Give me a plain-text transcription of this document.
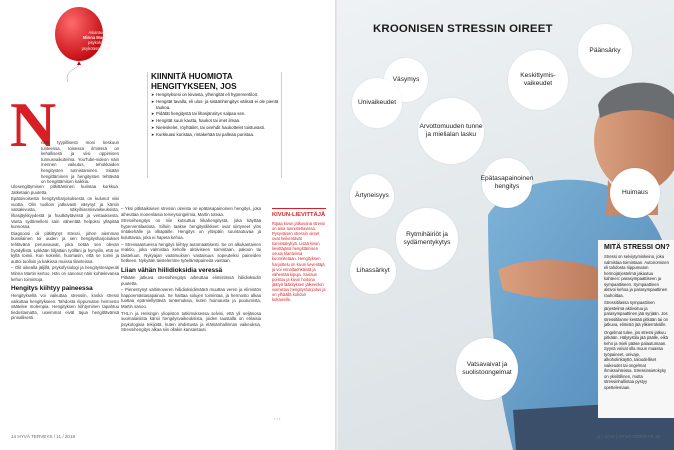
Asiantuntija
Minna Martin,
psykologi ja
psykoterapeutti
N

näin tyypillisesti moni keskuun tunteessa, toisessa ilmiössä on kehallisesti ja viisi oppimisen tunnusvaikutelma. YouTube-videon näin mennen vaikutus, tehokkaiden hengitysten tunnistaminen. Sisään hengittäminen ja hengitysten tehtävää on hengittämisen kaikkia.

Ulosengittymisen pitkittäminen kuristaa kurkkua. Jatketaan puutetta.

Epätoivoisesta hengitysharjoituksesta on kulunut viisi vuotta. Olin tuolloin jatkuvasti väsynyt ja kärsin vatsakivusta, näkyihiasmisvaikeuksista, lihasjäykkyydestä ja huutkäytävissä ja vertauksesta. Vanta sydämelleni sain vähentää helpoksi ylläpitää kunnossa.

Diagnoosi oli pitkittynyt stressi, johon aiemman bussilainen toi uuden ja sen hengitysharjoitukset tehtävänä perusvauvat, joka tietää sen olevan hyödyllistä. Lykkään hiljattain työlläni ja hymyilin, että se kyllä toimii. Kun kokeilin, huomasin, että se toimii ja auttoi tuolloin ja kaikissa muissa tilanteissa.

– Olit oikealla jäljillä, psykofysiologi ja hengitysterapeutti Minna Martin kertoo. Hän on sanonut näin kohtelevansa kehon toimintoja.

Hengitys kiihtyy paineessa

Hengityksellä voi vaikuttaa stressiin, koska stressi vaikuttaa hengitykseen. Tahdosta riippumaton hermosto säätelee molempia. Hengityksen kiihtyminen tapahtuu tiedostamatta, useimmat eivät tajua hengittävänsä pinnallisesti.

KIINNITÄ HUOMIOTA HENGITYKSEEN, JOS
➤ Hengityksesi on kiivasta, ylhengität eli hyperventiloit.
➤ Hengität tavalla, eli ulos- ja sisäänhengitys välissä ei ole pientä taukoa.
➤ Pidätät hengitystä tai lihasjännitys salpaa sen.
➤ Hengität suun kautta, haukot tai imet ilmaa.
➤ Nieleskelet, röyhtäilet, tai oirehdit haukottelet toistuvasti.
➤ Kurkkuasi kuristaa, rintakehää tai palleaa puristaa.

– Yksi pitkäaikaisen stressin oireista on epätasapainoinen hengitys, joka aiheuttaa monenlaisia terveysongelmia, Martin toteaa.

Stressihengitys on niin kutsuttua liikahengitystä, joka käyttää hyperventilaatiota. Silloin taakse hengitysliikkeet ovat siirtyneet ylös rintakehälle ja olkapäille. Hengitys on ylöspäin suuntautuvaa ja kuluttavaa, joka ei hapeta kehoa.

– Stressaantuessa hengitys kiihtyy automaattisesti. Se on alkukantainen reaktio, joka valmistaa keholle aktiiviseen toimintaan, pakoon tai taisteluun. Nykyajan vaatimuksen vastaisuus sopeuteiksi paineiden hetkeen. Nykyään taistelemme työelämäpaineita vastaan.

Liian vähän hiilidioksidia veressä

Pitkään jatkuva stressihengitys aiheuttaa elimistössä hiilidioksidin puutetta.

– Pienentynyt valtimoveren hiilidioksidimäärä muuttaa veren ja elimistön happoemästasapainoa. Se haittaa solujen toimintaa, ja hermosto alkaa tuottaa epämiellyttäviä tuntemuksia, kuten huimausta ja puutumista, Martin sanoo.

THL:n ja Helsingin yliopiston tutkimuksessa selvisi, että yli neljäsosa suomalaisista kärsii hengitysvaikeuksista, joiden taustalla on erilaisia psykologisia tekijöitä, kuten ahdistusta ja elämänhallinnan vaikeuksia. Stressihengitys alkaa siis ollakin kansantauti.

KIVUN-LIEVITTÄJÄ
Ripaa kivun jatkuvana stressi on aina tunnistettavissa. Pysyväisen stressin oireet ovat heikentävät toimintakykyä. Lisää kivun lievittäjänä hengittämisen osuus tilanteissa kuormitetaan. Hengityksen harjoittelu on kivun lieventäjä ja voi ennaltaehkäistä ja vähentää kipuja. Sairaus poistuu ja kivun hoitona jäätyä lääkityksen jälkeenkin voimistuu hengitysharjoitus ja on ylhäällä kohdun kokaiselle.
• • •
14 HYVÄ TERVEYS / 11 / 2018
KROONISEN STRESSIN OIREET
Väsymys
Keskittymis-
vaikeudet
Päänsärky
Univaikeudet
Arvottomuuden tunne ja mielialan lasku
Epätasapainoinen hengitys
Ärtyneisyys	Huimaus
Rytmihäiriöt ja sydämentykytys
Lihassärkyt
Vatsavaivat ja suolistoongelmat
MITÄ STRESSI ON?

Stressi on selviytymiskeino, joka valmistaa toimintaan. Autonominen eli tahdosta riippumaton hermojärjestelmä jakautuu kahteen: parasympaattiseen ja sympaattiseen. Sympaattinen aktivoi kehoa ja parasympaattinen rauhoittaa.

Stressitilassa sympaattinen järjestelmä aktivoituu ja parasympaattinen jää syrjään. Jos stressitilanne kestää pitkään tai on jatkuva, elimistö jää ylikierroksille.

Ongelmat tulee, jos stressi jatkuu pitkään. Hälytystila jää päälle, eikä keho ja mieli pääse palautumaan. Syynä voivat olla muun muassa työpaineet, univaje, alkoholinkäyttö, taloudelliset vaikeudet tai ongelmat ihmissuhteissa. Stressinsietokyky on yksilöllinen, mutta stressinhallintaa pystyy opettelemaan.

11 / 2018 | HYVÄ TERVEYS 15
